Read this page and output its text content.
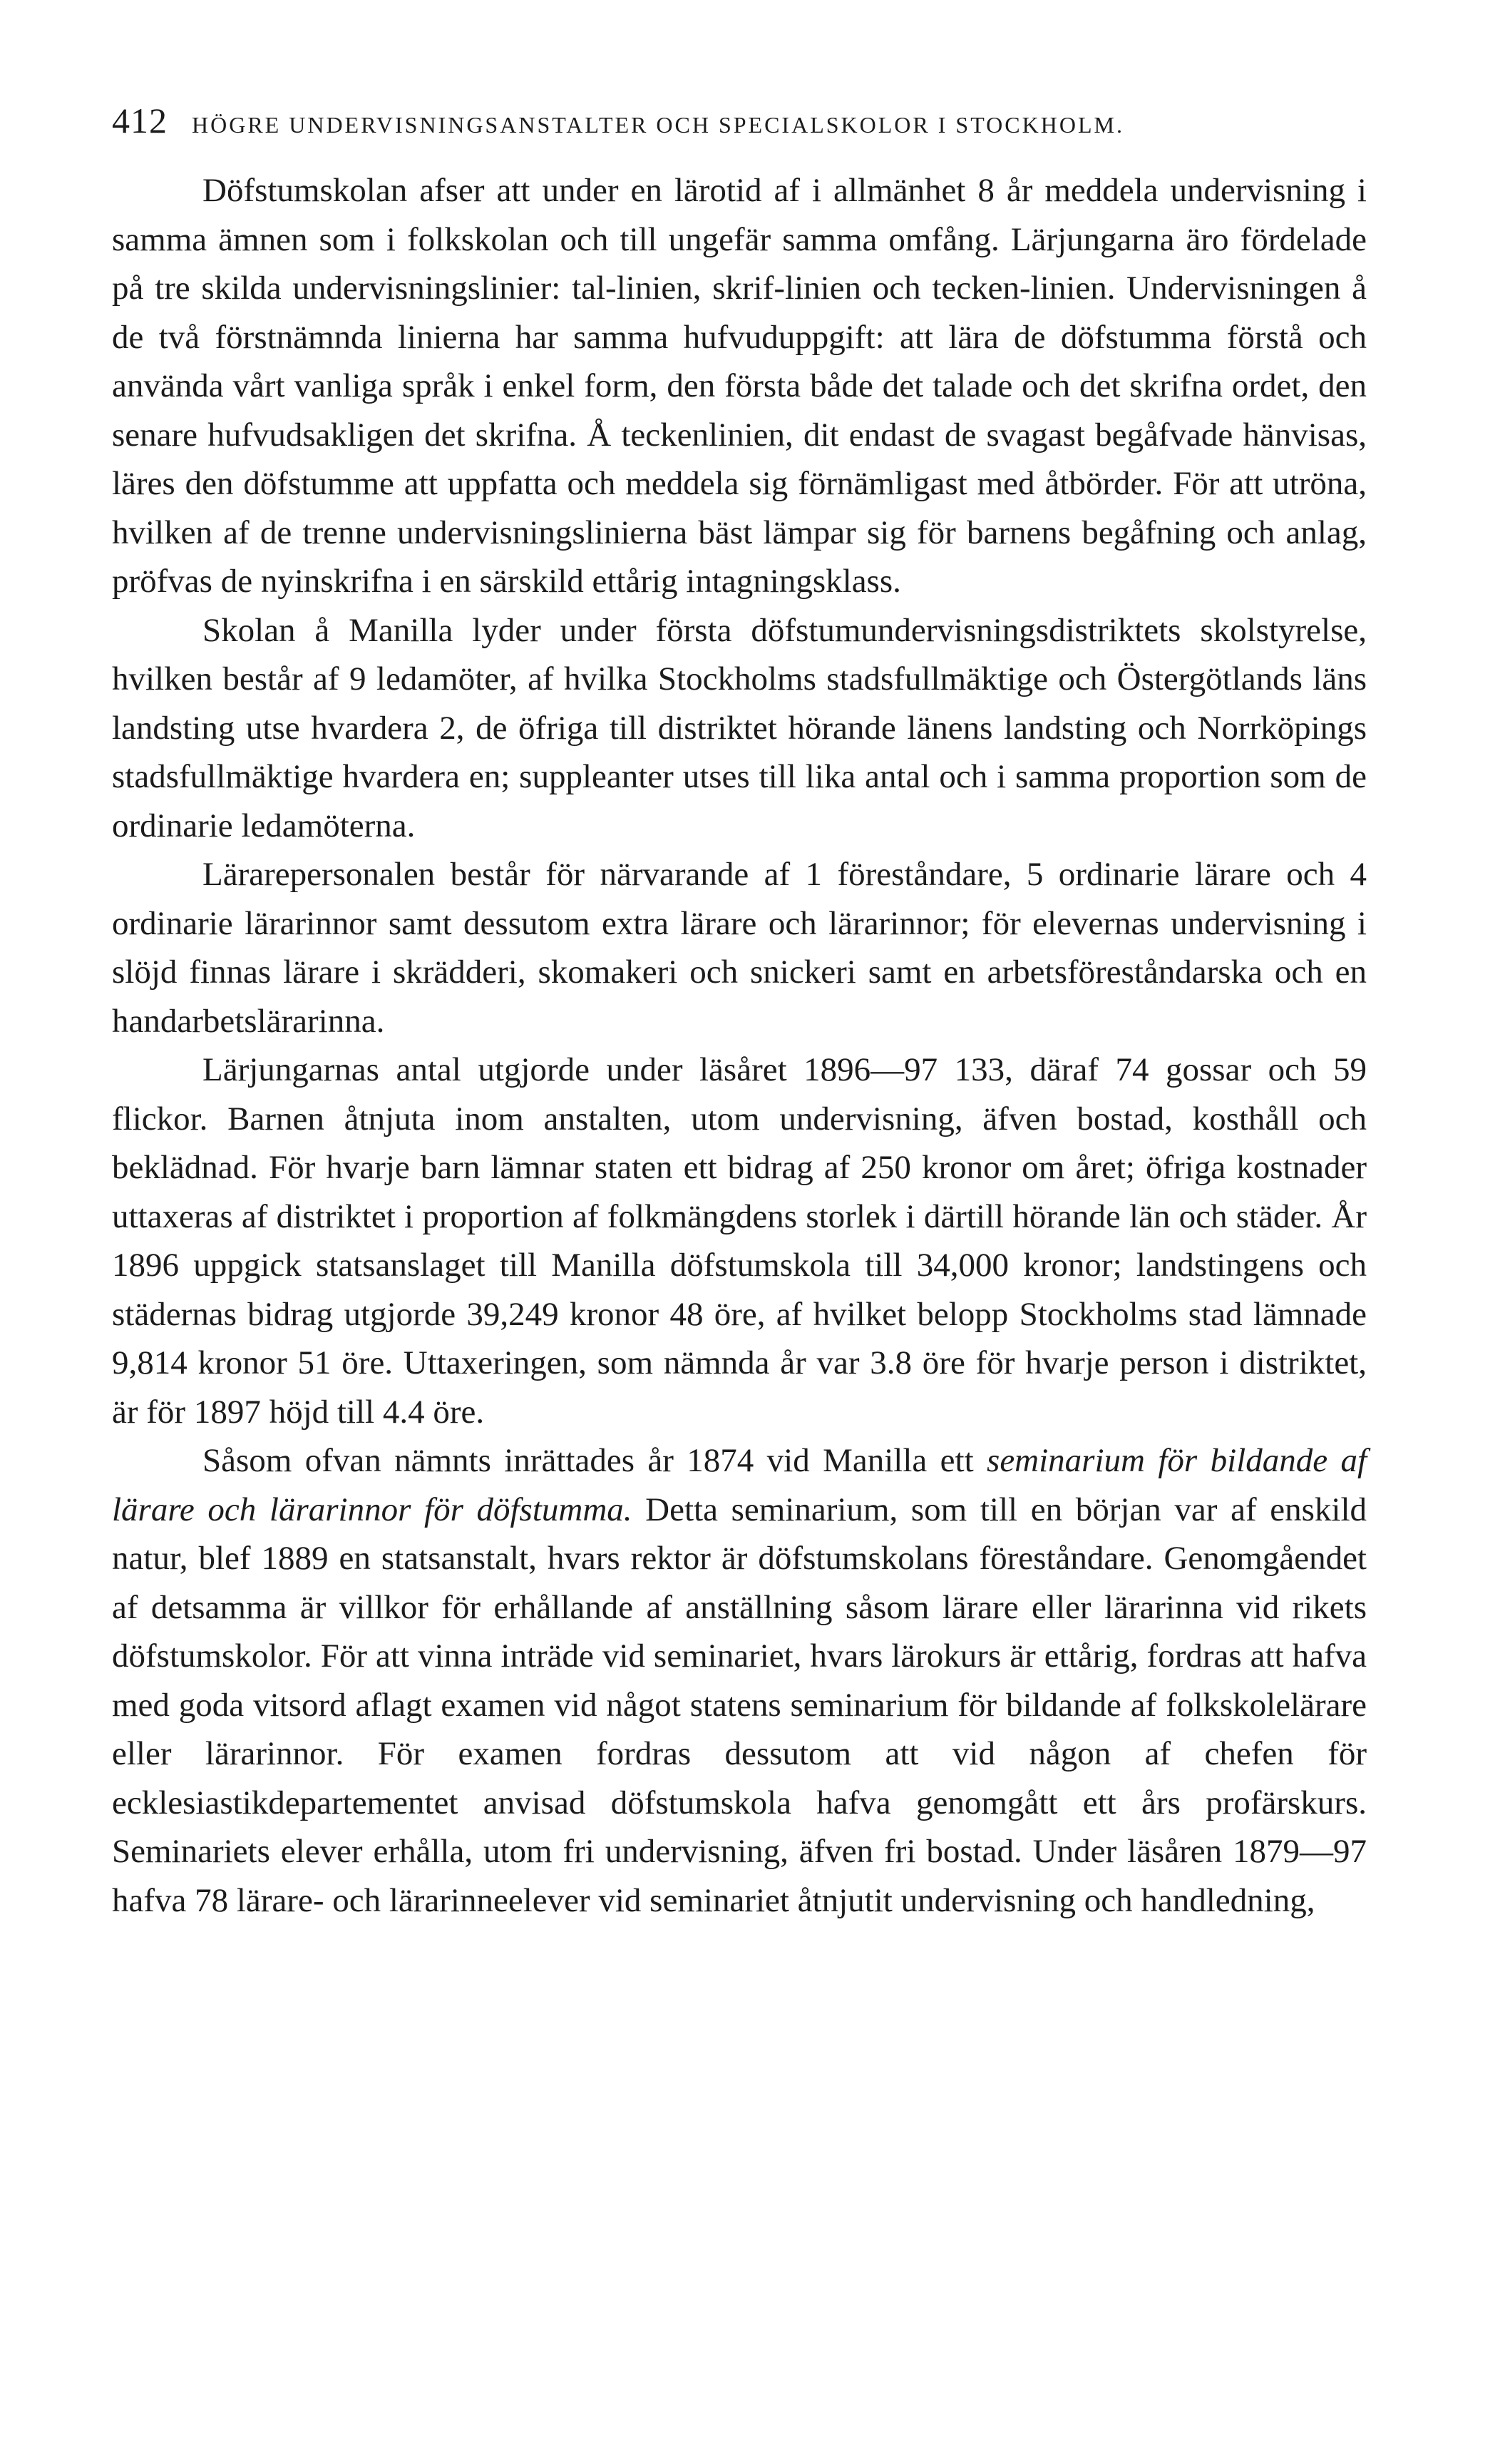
412 HÖGRE UNDERVISNINGSANSTALTER OCH SPECIALSKOLOR I STOCKHOLM.

Döfstumskolan afser att under en lärotid af i allmänhet 8 år meddela undervisning i samma ämnen som i folkskolan och till ungefär samma omfång. Lärjungarna äro fördelade på tre skilda undervisningslinier: tal-linien, skrif-linien och tecken-linien. Undervisningen å de två förstnämnda linierna har samma hufvuduppgift: att lära de döfstumma förstå och använda vårt vanliga språk i enkel form, den första både det talade och det skrifna ordet, den senare hufvudsakligen det skrifna. Å teckenlinien, dit endast de svagast begåfvade hänvisas, läres den döfstumme att uppfatta och meddela sig förnämligast med åtbörder. För att utröna, hvilken af de trenne undervisningslinierna bäst lämpar sig för barnens begåfning och anlag, pröfvas de nyinskrifna i en särskild ettårig intagningsklass.

Skolan å Manilla lyder under första döfstumundervisningsdistriktets skolstyrelse, hvilken består af 9 ledamöter, af hvilka Stockholms stadsfullmäktige och Östergötlands läns landsting utse hvardera 2, de öfriga till distriktet hörande länens landsting och Norrköpings stadsfullmäktige hvardera en; suppleanter utses till lika antal och i samma proportion som de ordinarie ledamöterna.

Lärarepersonalen består för närvarande af 1 föreståndare, 5 ordinarie lärare och 4 ordinarie lärarinnor samt dessutom extra lärare och lärarinnor; för elevernas undervisning i slöjd finnas lärare i skrädderi, skomakeri och snickeri samt en arbetsföreståndarska och en handarbetslärarinna.

Lärjungarnas antal utgjorde under läsåret 1896—97 133, däraf 74 gossar och 59 flickor. Barnen åtnjuta inom anstalten, utom undervisning, äfven bostad, kosthåll och beklädnad. För hvarje barn lämnar staten ett bidrag af 250 kronor om året; öfriga kostnader uttaxeras af distriktet i proportion af folkmängdens storlek i därtill hörande län och städer. År 1896 uppgick statsanslaget till Manilla döfstumskola till 34,000 kronor; landstingens och städernas bidrag utgjorde 39,249 kronor 48 öre, af hvilket belopp Stockholms stad lämnade 9,814 kronor 51 öre. Uttaxeringen, som nämnda år var 3.8 öre för hvarje person i distriktet, är för 1897 höjd till 4.4 öre.

Såsom ofvan nämnts inrättades år 1874 vid Manilla ett seminarium för bildande af lärare och lärarinnor för döfstumma. Detta seminarium, som till en början var af enskild natur, blef 1889 en statsanstalt, hvars rektor är döfstumskolans föreståndare. Genomgåendet af detsamma är villkor för erhållande af anställning såsom lärare eller lärarinna vid rikets döfstumskolor. För att vinna inträde vid seminariet, hvars lärokurs är ettårig, fordras att hafva med goda vitsord aflagt examen vid något statens seminarium för bildande af folkskolelärare eller lärarinnor. För examen fordras dessutom att vid någon af chefen för ecklesiastikdepartementet anvisad döfstumskola hafva genomgått ett års profärskurs. Seminariets elever erhålla, utom fri undervisning, äfven fri bostad. Under läsåren 1879—97 hafva 78 lärare- och lärarinneelever vid seminariet åtnjutit undervisning och handledning,
